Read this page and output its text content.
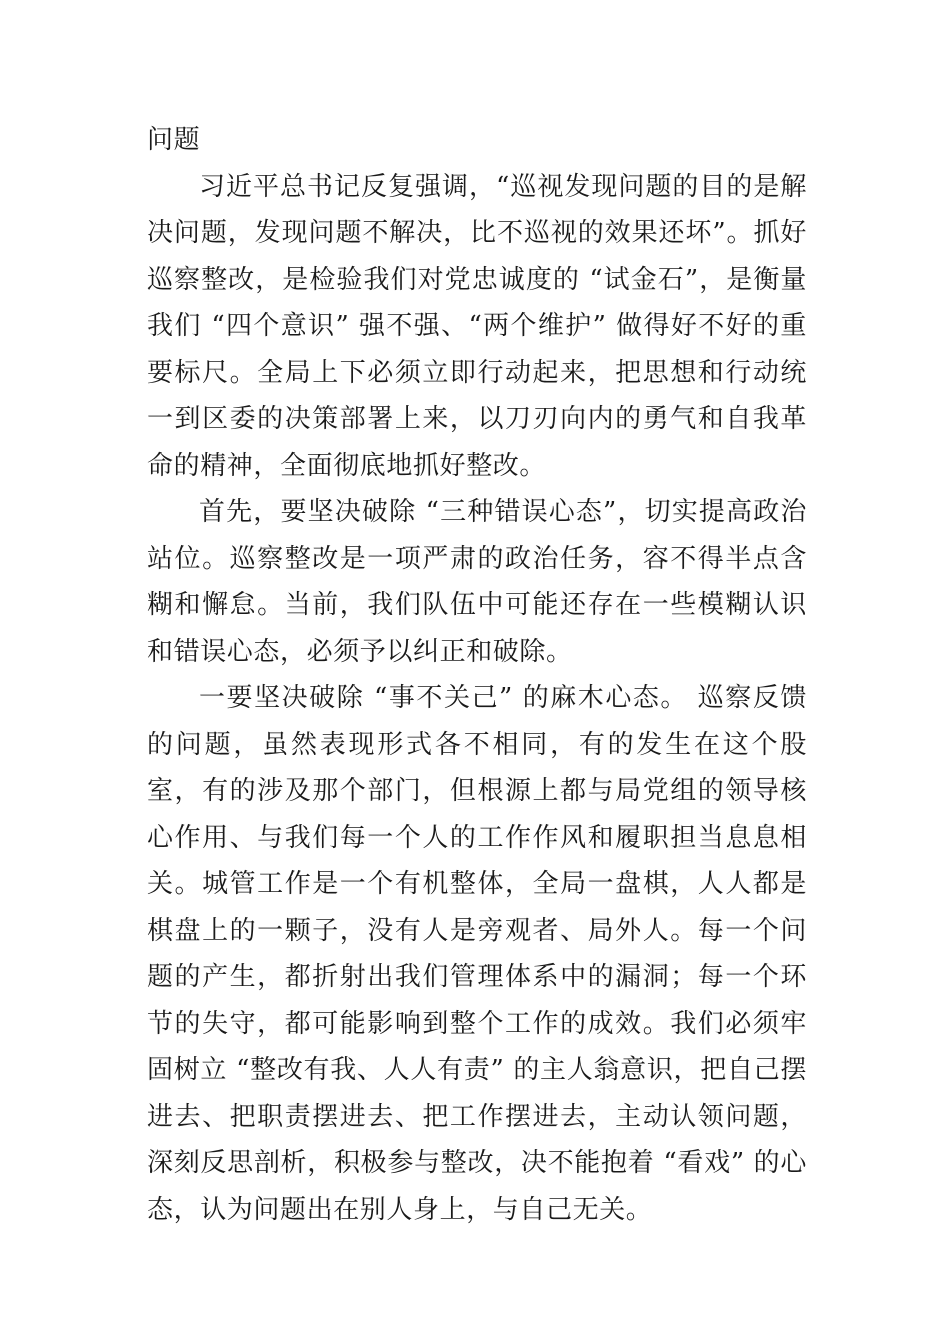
问题

习近平总书记反复强调，“巡视发现问题的目的是解决问题，发现问题不解决，比不巡视的效果还坏”。抓好巡察整改，是检验我们对党忠诚度的 “试金石”，是衡量我们 “四个意识” 强不强、“两个维护” 做得好不好的重要标尺。全局上下必须立即行动起来，把思想和行动统一到区委的决策部署上来，以刀刃向内的勇气和自我革命的精神，全面彻底地抓好整改。

首先，要坚决破除 “三种错误心态”，切实提高政治站位。巡察整改是一项严肃的政治任务，容不得半点含糊和懈怠。当前，我们队伍中可能还存在一些模糊认识和错误心态，必须予以纠正和破除。

一要坚决破除 “事不关己” 的麻木心态。 巡察反馈的问题，虽然表现形式各不相同，有的发生在这个股室，有的涉及那个部门，但根源上都与局党组的领导核心作用、与我们每一个人的工作作风和履职担当息息相关。城管工作是一个有机整体，全局一盘棋，人人都是棋盘上的一颗子，没有人是旁观者、局外人。每一个问题的产生，都折射出我们管理体系中的漏洞；每一个环节的失守，都可能影响到整个工作的成效。我们必须牢固树立 “整改有我、人人有责” 的主人翁意识，把自己摆进去、把职责摆进去、把工作摆进去，主动认领问题，深刻反思剖析，积极参与整改，决不能抱着 “看戏” 的心态，认为问题出在别人身上，与自己无关。
